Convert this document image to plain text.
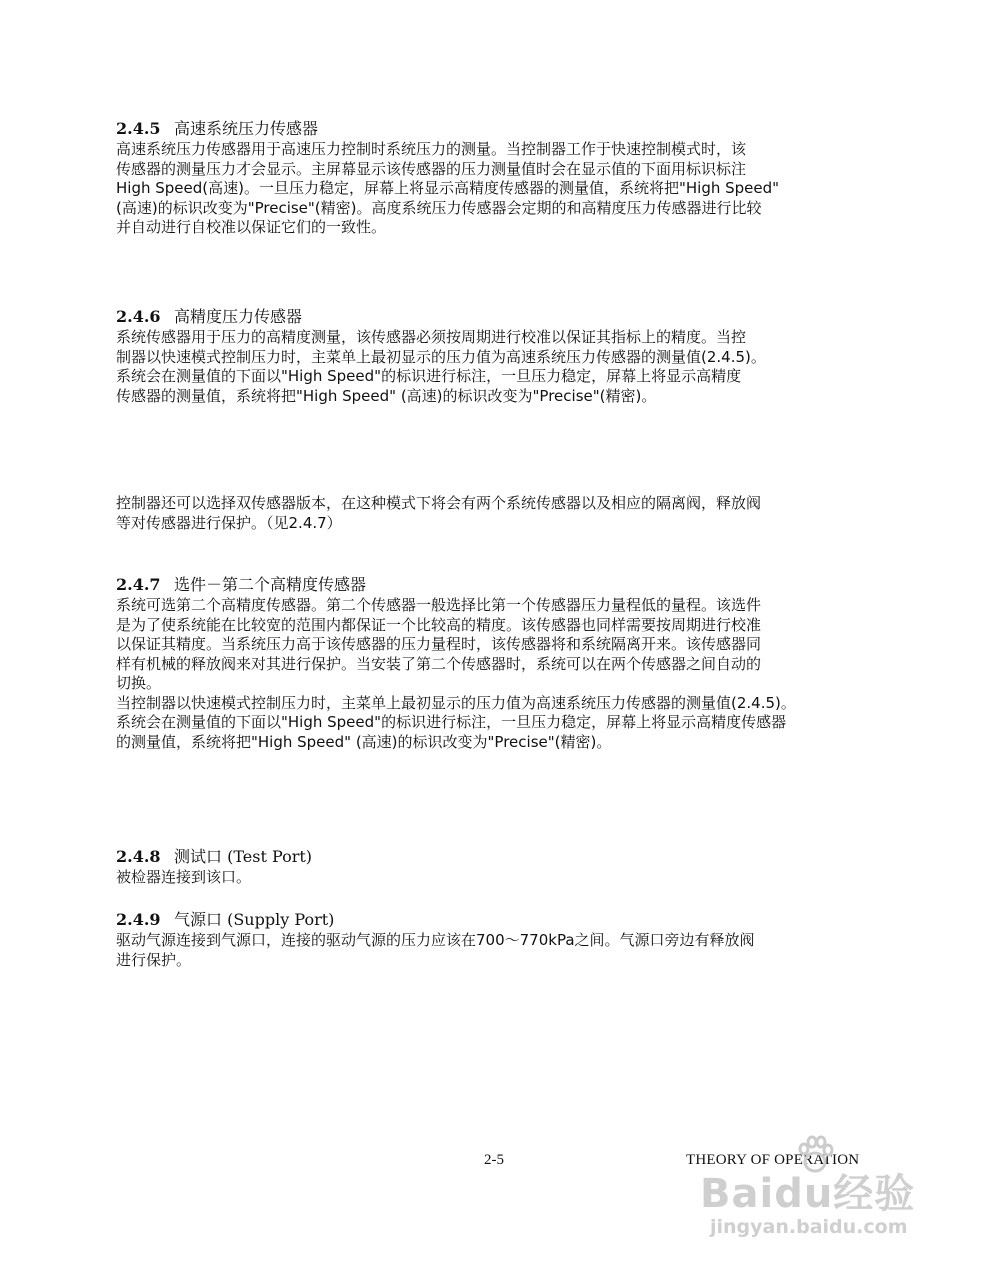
2.4.5 高速系统压力传感器
高速系统压力传感器用于高速压力控制时系统压力的测量。当控制器工作于快速控制模式时，该
传感器的测量压力才会显示。主屏幕显示该传感器的压力测量值时会在显示值的下面用标识标注
High Speed(高速)。一旦压力稳定，屏幕上将显示高精度传感器的测量值，系统将把"High Speed"
(高速)的标识改变为"Precise"(精密)。高度系统压力传感器会定期的和高精度压力传感器进行比较
并自动进行自校准以保证它们的一致性。
2.4.6 高精度压力传感器
系统传感器用于压力的高精度测量，该传感器必须按周期进行校准以保证其指标上的精度。当控
制器以快速模式控制压力时，主菜单上最初显示的压力值为高速系统压力传感器的测量值(2.4.5)。
系统会在测量值的下面以"High Speed"的标识进行标注，一旦压力稳定，屏幕上将显示高精度
传感器的测量值，系统将把"High Speed" (高速)的标识改变为"Precise"(精密)。
控制器还可以选择双传感器版本，在这种模式下将会有两个系统传感器以及相应的隔离阀，释放阀
等对传感器进行保护。（见2.4.7）
2.4.7 选件－第二个高精度传感器
系统可选第二个高精度传感器。第二个传感器一般选择比第一个传感器压力量程低的量程。该选件
是为了使系统能在比较宽的范围内都保证一个比较高的精度。该传感器也同样需要按周期进行校准
以保证其精度。当系统压力高于该传感器的压力量程时，该传感器将和系统隔离开来。该传感器同
样有机械的释放阀来对其进行保护。当安装了第二个传感器时，系统可以在两个传感器之间自动的
切换。
当控制器以快速模式控制压力时，主菜单上最初显示的压力值为高速系统压力传感器的测量值(2.4.5)。
系统会在测量值的下面以"High Speed"的标识进行标注，一旦压力稳定，屏幕上将显示高精度传感器
的测量值，系统将把"High Speed" (高速)的标识改变为"Precise"(精密)。
2.4.8 测试口 (Test Port)
被检器连接到该口。
2.4.9 气源口 (Supply Port)
驱动气源连接到气源口，连接的驱动气源的压力应该在700～770kPa之间。气源口旁边有释放阀
进行保护。
2-5	THEORY OF OPERATION
Baidu经验
jingyan.baidu.com
